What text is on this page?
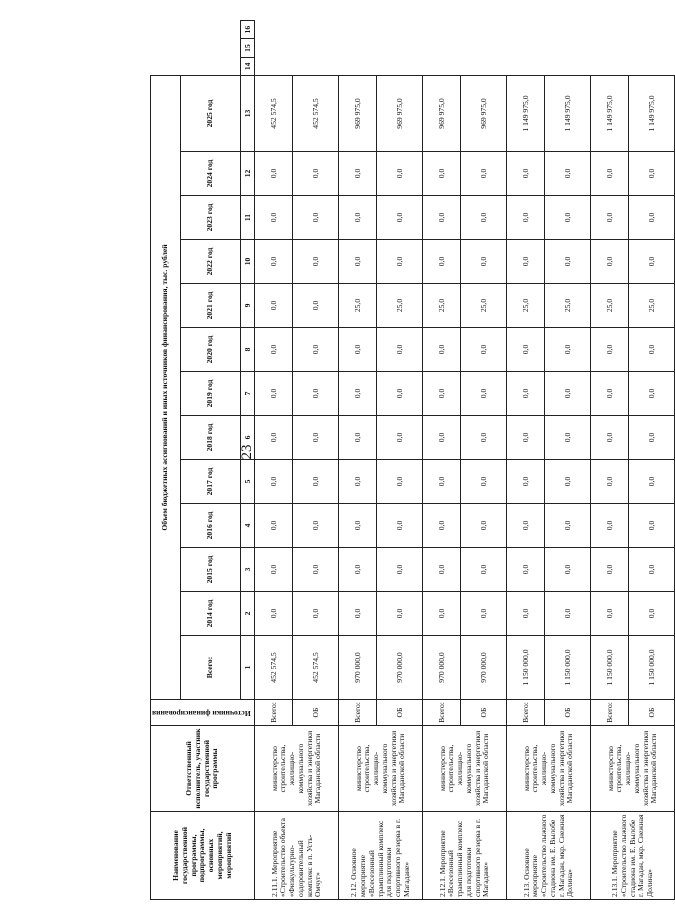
23
Наименование государственной программы, подпрограммы, основных мероприятий, мероприятий	Ответственный исполнитель, участник государственной программы	Источники финансирования	Объем бюджетных ассигнований и иных источников финансирования, тыс. рублей															
			Всего:	2014 год	2015 год	2016 год	2017 год	2018 год	2019 год	2020 год	2021 год	2022 год	2023 год	2024 год	2025 год			
			1	2	3	4	5	6	7	8	9	10	11	12	13	14	15	16
2.11.1. Мероприятие «Строительство объекта «Физкультурно-оздоровительный комплекс в п. Усть-Омчуг»	министерство строительства, жилищно-коммунального хозяйства и энергетики Магаданской области	Всего:	452 574,5	0,0	0,0	0,0	0,0	0,0	0,0	0,0	0,0	0,0	0,0	0,0	452 574,5			
		ОБ	452 574,5	0,0	0,0	0,0	0,0	0,0	0,0	0,0	0,0	0,0	0,0	0,0	452 574,5			
2.12. Основное мероприятие «Всесезонный трамплинный комплекс для подготовки спортивного резерва в г. Магадане»	министерство строительства, жилищно-коммунального хозяйства и энергетики Магаданской области	Всего:	970 000,0	0,0	0,0	0,0	0,0	0,0	0,0	0,0	25,0	0,0	0,0	0,0	969 975,0			
		ОБ	970 000,0	0,0	0,0	0,0	0,0	0,0	0,0	0,0	25,0	0,0	0,0	0,0	969 975,0			
2.12.1. Мероприятие «Всесезонный трамплинный комплекс для подготовки спортивного резерва в г. Магадане»	министерство строительства, жилищно-коммунального хозяйства и энергетики Магаданской области	Всего:	970 000,0	0,0	0,0	0,0	0,0	0,0	0,0	0,0	25,0	0,0	0,0	0,0	969 975,0			
		ОБ	970 000,0	0,0	0,0	0,0	0,0	0,0	0,0	0,0	25,0	0,0	0,0	0,0	969 975,0			
2.13. Основное мероприятие «Строительство лыжного стадиона им. Е. Вылобе г. Магадан, мкр. Снежная Долина»	министерство строительства, жилищно-коммунального хозяйства и энергетики Магаданской области	Всего:	1 150 000,0	0,0	0,0	0,0	0,0	0,0	0,0	0,0	25,0	0,0	0,0	0,0	1 149 975,0			
		ОБ	1 150 000,0	0,0	0,0	0,0	0,0	0,0	0,0	0,0	25,0	0,0	0,0	0,0	1 149 975,0			
2.13.1. Мероприятие «Строительство лыжного стадиона им. Е. Вылобе г. Магадан, мкр. Снежная Долина»	министерство строительства, жилищно-коммунального хозяйства и энергетики Магаданской области	Всего:	1 150 000,0	0,0	0,0	0,0	0,0	0,0	0,0	0,0	25,0	0,0	0,0	0,0	1 149 975,0			
		ОБ	1 150 000,0	0,0	0,0	0,0	0,0	0,0	0,0	0,0	25,0	0,0	0,0	0,0	1 149 975,0			
